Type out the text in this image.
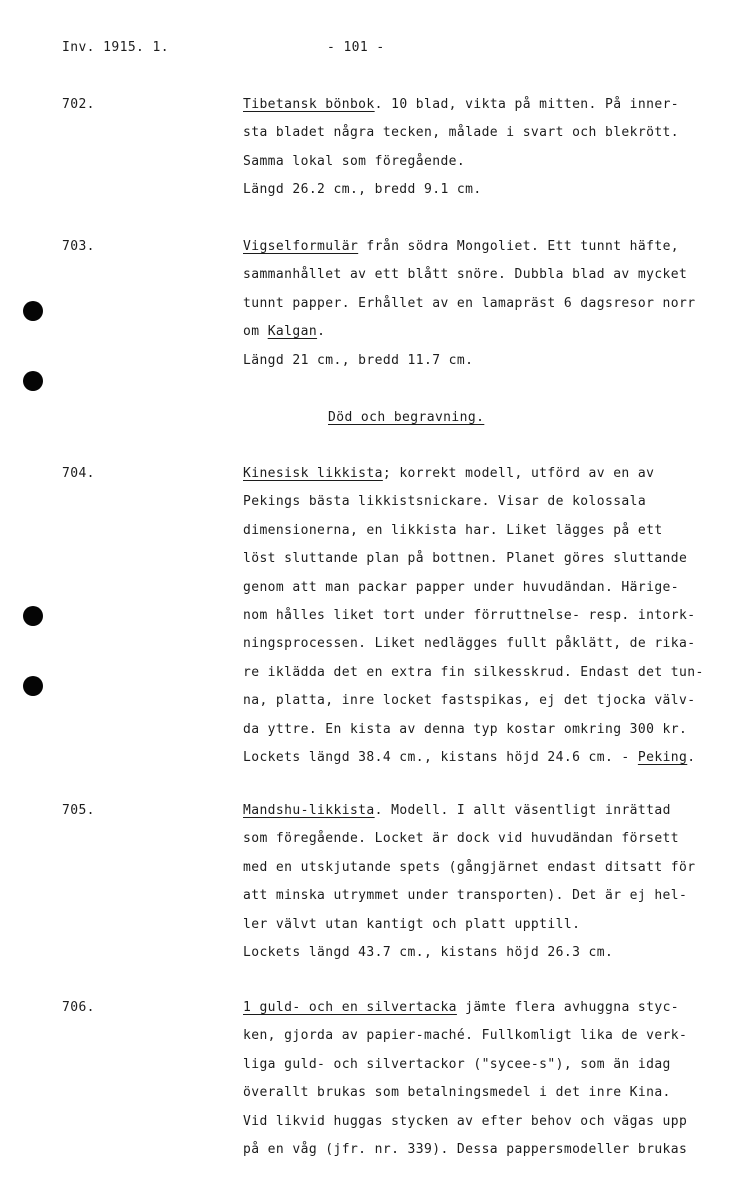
Inv. 1915. 1.	- 101 -
Död och begravning.
702.	Tibetansk bönbok. 10 blad, vikta på mitten. På inner-
sta bladet några tecken, målade i svart och blekrött.
Samma lokal som föregående.
Längd 26.2 cm., bredd 9.1 cm.
703.	Vigselformulär från södra Mongoliet. Ett tunnt häfte,
sammanhållet av ett blått snöre. Dubbla blad av mycket
tunnt papper. Erhållet av en lamapräst 6 dagsresor norr
om Kalgan.
Längd 21 cm., bredd 11.7 cm.
704.	Kinesisk likkista; korrekt modell, utförd av en av
Pekings bästa likkistsnickare. Visar de kolossala
dimensionerna, en likkista har. Liket lägges på ett
löst sluttande plan på bottnen. Planet göres sluttande
genom att man packar papper under huvudändan. Härige-
nom hålles liket tort under förruttnelse- resp. intork-
ningsprocessen. Liket nedlägges fullt påklätt, de rika-
re iklädda det en extra fin silkesskrud. Endast det tun-
na, platta, inre locket fastspikas, ej det tjocka välv-
da yttre. En kista av denna typ kostar omkring 300 kr.
Lockets längd 38.4 cm., kistans höjd 24.6 cm. - Peking.
705.	Mandshu-likkista. Modell. I allt väsentligt inrättad
som föregående. Locket är dock vid huvudändan försett
med en utskjutande spets (gångjärnet endast ditsatt för
att minska utrymmet under transporten). Det är ej hel-
ler välvt utan kantigt och platt upptill.
Lockets längd 43.7 cm., kistans höjd 26.3 cm.
706.	1 guld- och en silvertacka jämte flera avhuggna styc-
ken, gjorda av papier-maché. Fullkomligt lika de verk-
liga guld- och silvertackor ("sycee-s"), som än idag
överallt brukas som betalningsmedel i det inre Kina.
Vid likvid huggas stycken av efter behov och vägas upp
på en våg (jfr. nr. 339). Dessa pappersmodeller brukas
